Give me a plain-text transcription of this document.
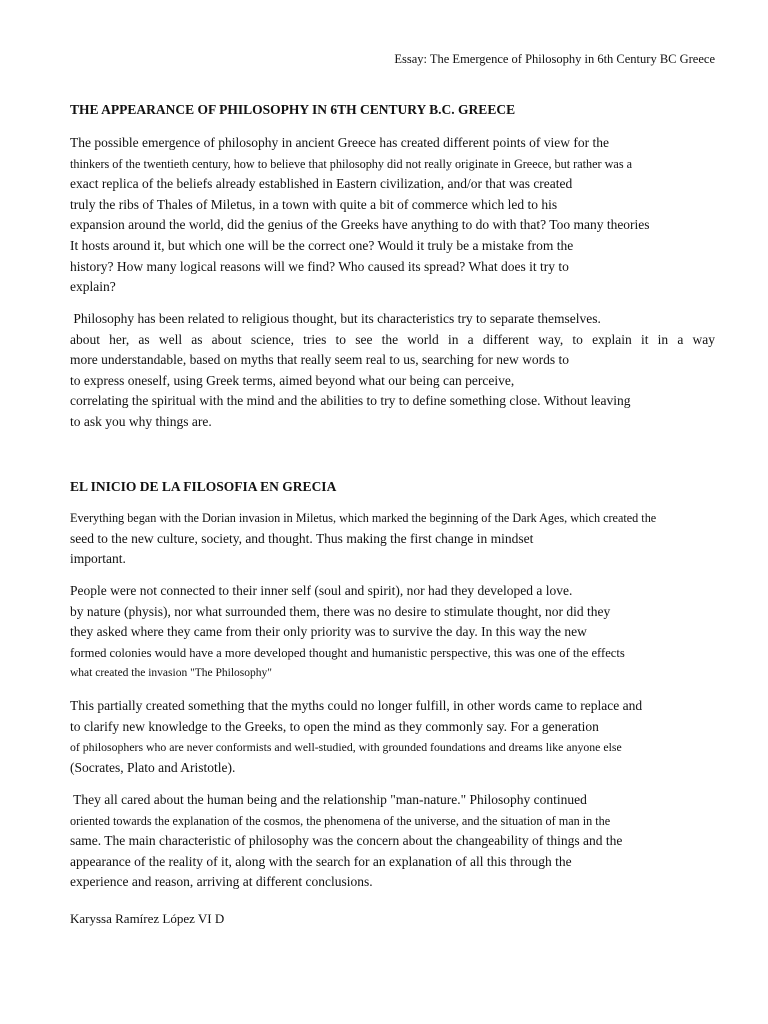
Essay: The Emergence of Philosophy in 6th Century BC Greece
THE APPEARANCE OF PHILOSOPHY IN 6TH CENTURY B.C. GREECE
The possible emergence of philosophy in ancient Greece has created different points of view for the
thinkers of the twentieth century, how to believe that philosophy did not really originate in Greece, but rather was a
exact replica of the beliefs already established in Eastern civilization, and/or that was created
truly the ribs of Thales of Miletus, in a town with quite a bit of commerce which led to his
expansion around the world, did the genius of the Greeks have anything to do with that? Too many theories
It hosts around it, but which one will be the correct one? Would it truly be a mistake from the
history? How many logical reasons will we find? Who caused its spread? What does it try to
explain?
Philosophy has been related to religious thought, but its characteristics try to separate themselves.
about her, as well as about science, tries to see the world in a different way, to explain it in a way
more understandable, based on myths that really seem real to us, searching for new words to
to express oneself, using Greek terms, aimed beyond what our being can perceive,
correlating the spiritual with the mind and the abilities to try to define something close. Without leaving
to ask you why things are.
EL INICIO DE LA FILOSOFIA EN GRECIA
Everything began with the Dorian invasion in Miletus, which marked the beginning of the Dark Ages, which created the
seed to the new culture, society, and thought. Thus making the first change in mindset
important.
People were not connected to their inner self (soul and spirit), nor had they developed a love.
by nature (physis), nor what surrounded them, there was no desire to stimulate thought, nor did they
they asked where they came from their only priority was to survive the day. In this way the new
formed colonies would have a more developed thought and humanistic perspective, this was one of the effects
what created the invasion "The Philosophy"
This partially created something that the myths could no longer fulfill, in other words came to replace and
to clarify new knowledge to the Greeks, to open the mind as they commonly say. For a generation
of philosophers who are never conformists and well-studied, with grounded foundations and dreams like anyone else
(Socrates, Plato and Aristotle).
They all cared about the human being and the relationship "man-nature." Philosophy continued
oriented towards the explanation of the cosmos, the phenomena of the universe, and the situation of man in the
same. The main characteristic of philosophy was the concern about the changeability of things and the
appearance of the reality of it, along with the search for an explanation of all this through the
experience and reason, arriving at different conclusions.
Karyssa Ramírez López VI D
